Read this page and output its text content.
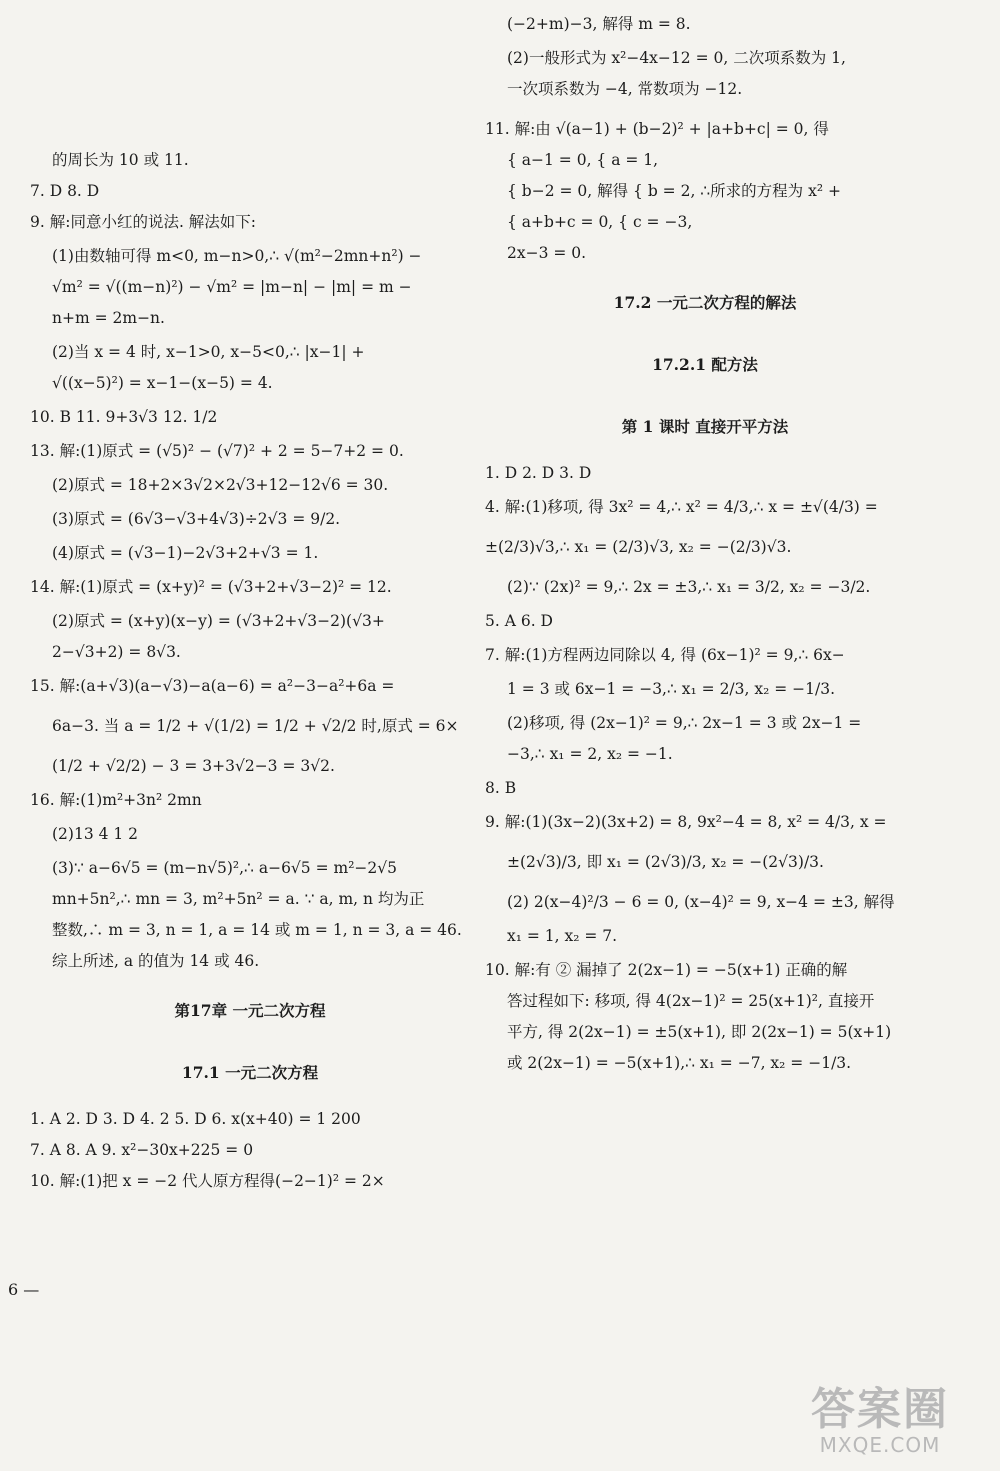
的周长为 10 或 11.

7. D 8. D

9. 解:同意小红的说法. 解法如下:

(1)由数轴可得 m<0, m−n>0,∴ √(m²−2mn+n²) −

√m² = √((m−n)²) − √m² = |m−n| − |m| = m −

n+m = 2m−n.

(2)当 x = 4 时, x−1>0, x−5<0,∴ |x−1| +

√((x−5)²) = x−1−(x−5) = 4.

10. B 11. 9+3√3 12. 1/2

13. 解:(1)原式 = (√5)² − (√7)² + 2 = 5−7+2 = 0.

(2)原式 = 18+2×3√2×2√3+12−12√6 = 30.

(3)原式 = (6√3−√3+4√3)÷2√3 = 9/2.

(4)原式 = (√3−1)−2√3+2+√3 = 1.

14. 解:(1)原式 = (x+y)² = (√3+2+√3−2)² = 12.

(2)原式 = (x+y)(x−y) = (√3+2+√3−2)(√3+

2−√3+2) = 8√3.

15. 解:(a+√3)(a−√3)−a(a−6) = a²−3−a²+6a =

6a−3. 当 a = 1/2 + √(1/2) = 1/2 + √2/2 时,原式 = 6×

(1/2 + √2/2) − 3 = 3+3√2−3 = 3√2.

16. 解:(1)m²+3n² 2mn

(2)13 4 1 2

(3)∵ a−6√5 = (m−n√5)²,∴ a−6√5 = m²−2√5

mn+5n²,∴ mn = 3, m²+5n² = a. ∵ a, m, n 均为正

整数,∴ m = 3, n = 1, a = 14 或 m = 1, n = 3, a = 46.

综上所述, a 的值为 14 或 46.

第17章 一元二次方程

17.1 一元二次方程

1. A 2. D 3. D 4. 2 5. D 6. x(x+40) = 1 200

7. A 8. A 9. x²−30x+225 = 0

10. 解:(1)把 x = −2 代人原方程得(−2−1)² = 2×

(−2+m)−3, 解得 m = 8.

(2)一般形式为 x²−4x−12 = 0, 二次项系数为 1,

一次项系数为 −4, 常数项为 −12.

11. 解:由 √(a−1) + (b−2)² + |a+b+c| = 0, 得

{ a−1 = 0, { a = 1,

{ b−2 = 0, 解得 { b = 2, ∴所求的方程为 x² +

{ a+b+c = 0, { c = −3,

2x−3 = 0.

17.2 一元二次方程的解法

17.2.1 配方法

第 1 课时 直接开平方法

1. D 2. D 3. D

4. 解:(1)移项, 得 3x² = 4,∴ x² = 4/3,∴ x = ±√(4/3) =

±(2/3)√3,∴ x₁ = (2/3)√3, x₂ = −(2/3)√3.

(2)∵ (2x)² = 9,∴ 2x = ±3,∴ x₁ = 3/2, x₂ = −3/2.

5. A 6. D

7. 解:(1)方程两边同除以 4, 得 (6x−1)² = 9,∴ 6x−

1 = 3 或 6x−1 = −3,∴ x₁ = 2/3, x₂ = −1/3.

(2)移项, 得 (2x−1)² = 9,∴ 2x−1 = 3 或 2x−1 =

−3,∴ x₁ = 2, x₂ = −1.

8. B

9. 解:(1)(3x−2)(3x+2) = 8, 9x²−4 = 8, x² = 4/3, x =

±(2√3)/3, 即 x₁ = (2√3)/3, x₂ = −(2√3)/3.

(2) 2(x−4)²/3 − 6 = 0, (x−4)² = 9, x−4 = ±3, 解得

x₁ = 1, x₂ = 7.

10. 解:有 ② 漏掉了 2(2x−1) = −5(x+1) 正确的解

答过程如下: 移项, 得 4(2x−1)² = 25(x+1)², 直接开

平方, 得 2(2x−1) = ±5(x+1), 即 2(2x−1) = 5(x+1)

或 2(2x−1) = −5(x+1),∴ x₁ = −7, x₂ = −1/3.

6 —
答案圈
MXQE.COM
